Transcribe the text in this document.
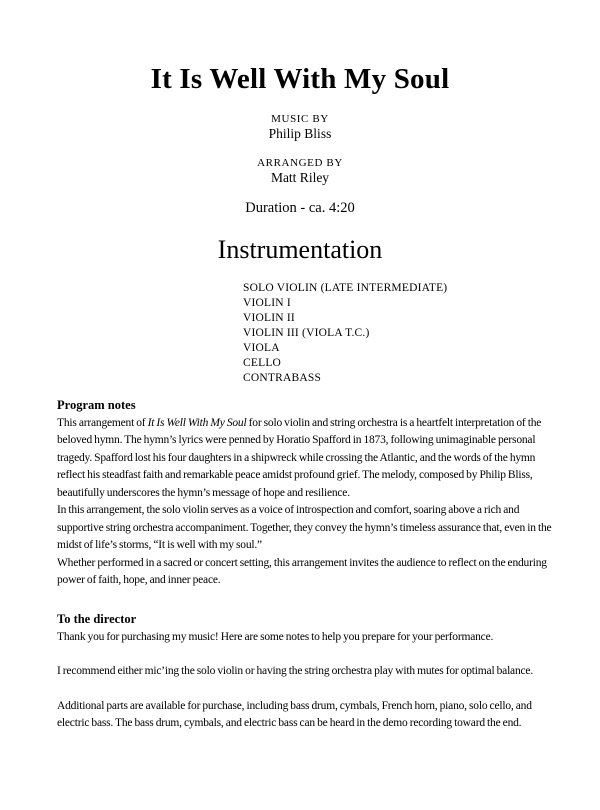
It Is Well With My Soul
MUSIC BY
Philip Bliss
ARRANGED BY
Matt Riley
Duration - ca. 4:20
Instrumentation
SOLO VIOLIN (LATE INTERMEDIATE)
VIOLIN I
VIOLIN II
VIOLIN III (VIOLA T.C.)
VIOLA
CELLO
CONTRABASS
Program notes

This arrangement of It Is Well With My Soul for solo violin and string orchestra is a heartfelt interpretation of the beloved hymn. The hymn’s lyrics were penned by Horatio Spafford in 1873, following unimaginable personal tragedy. Spafford lost his four daughters in a shipwreck while crossing the Atlantic, and the words of the hymn reflect his steadfast faith and remarkable peace amidst profound grief. The melody, composed by Philip Bliss, beautifully underscores the hymn’s message of hope and resilience.

In this arrangement, the solo violin serves as a voice of introspection and comfort, soaring above a rich and supportive string orchestra accompaniment. Together, they convey the hymn’s timeless assurance that, even in the midst of life’s storms, “It is well with my soul.”

Whether performed in a sacred or concert setting, this arrangement invites the audience to reflect on the enduring power of faith, hope, and inner peace.

To the director

Thank you for purchasing my music! Here are some notes to help you prepare for your performance.

I recommend either mic’ing the solo violin or having the string orchestra play with mutes for optimal balance.

Additional parts are available for purchase, including bass drum, cymbals, French horn, piano, solo cello, and electric bass. The bass drum, cymbals, and electric bass can be heard in the demo recording toward the end.
